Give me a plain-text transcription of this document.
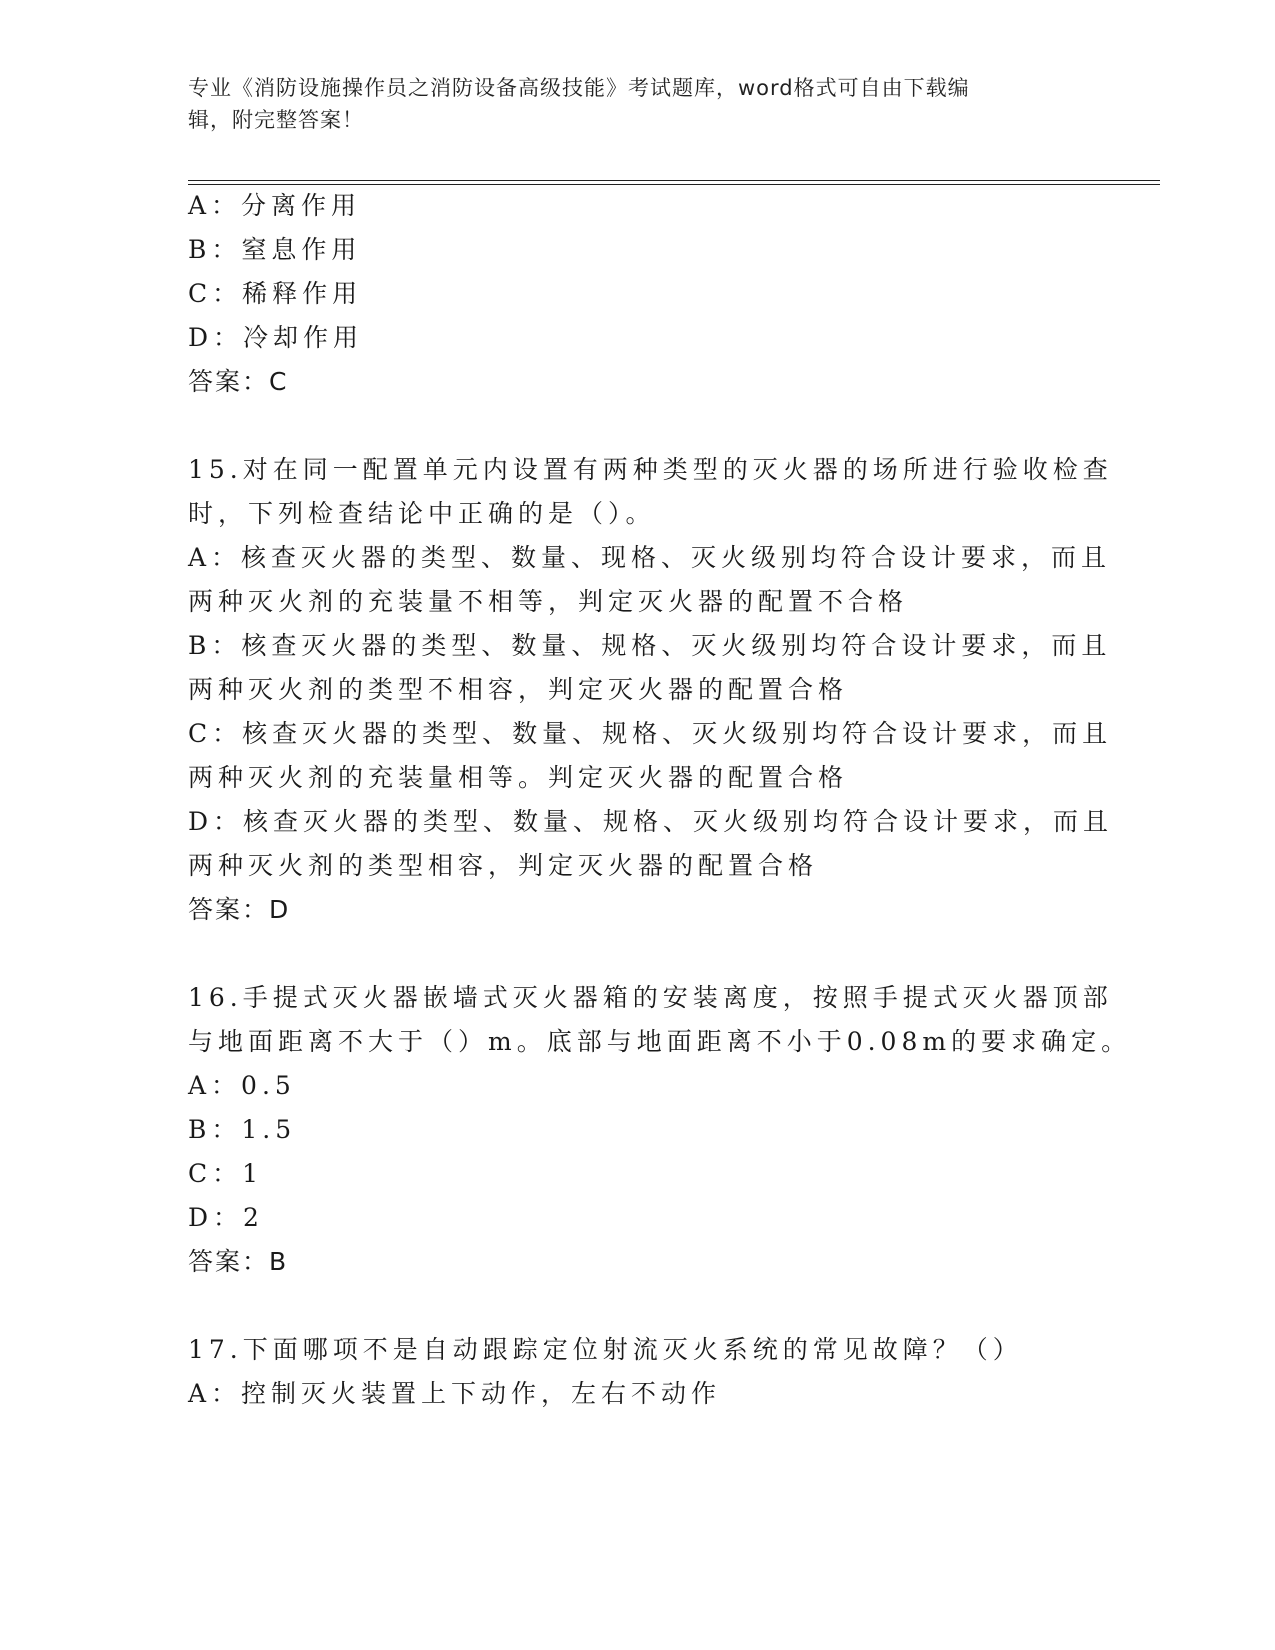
专业《消防设施操作员之消防设备高级技能》考试题库，word格式可自由下载编
辑，附完整答案！
A：分离作用
B：窒息作用
C：稀释作用
D：冷却作用
答案：C
15.对在同一配置单元内设置有两种类型的灭火器的场所进行验收检查
时，下列检查结论中正确的是（）。
A：核查灭火器的类型、数量、现格、灭火级别均符合设计要求，而且
两种灭火剂的充装量不相等，判定灭火器的配置不合格
B：核查灭火器的类型、数量、规格、灭火级别均符合设计要求，而且
两种灭火剂的类型不相容，判定灭火器的配置合格
C：核查灭火器的类型、数量、规格、灭火级别均符合设计要求，而且
两种灭火剂的充装量相等。判定灭火器的配置合格
D：核查灭火器的类型、数量、规格、灭火级别均符合设计要求，而且
两种灭火剂的类型相容，判定灭火器的配置合格
答案：D
16.手提式灭火器嵌墙式灭火器箱的安装离度，按照手提式灭火器顶部
与地面距离不大于（）m。底部与地面距离不小于0.08m的要求确定。
A：0.5
B：1.5
C：1
D：2
答案：B
17.下面哪项不是自动跟踪定位射流灭火系统的常见故障？（）
A：控制灭火装置上下动作，左右不动作
